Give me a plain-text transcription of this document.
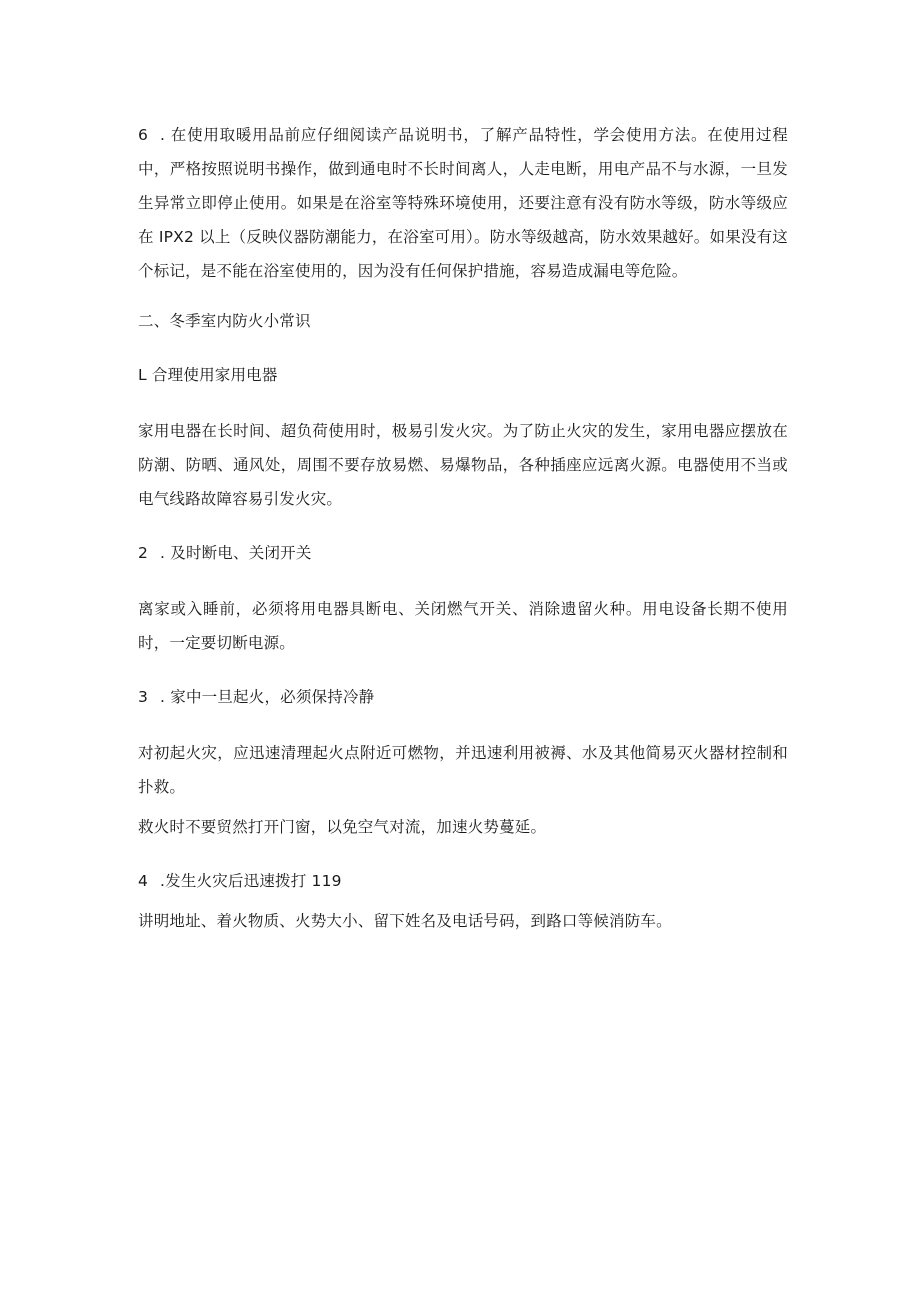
6 . 在使用取暖用品前应仔细阅读产品说明书，了解产品特性，学会使用方法。在使用过程中，严格按照说明书操作，做到通电时不长时间离人，人走电断，用电产品不与水源，一旦发生异常立即停止使用。如果是在浴室等特殊环境使用，还要注意有没有防水等级，防水等级应在 IPX2 以上（反映仪器防潮能力，在浴室可用）。防水等级越高，防水效果越好。如果没有这个标记，是不能在浴室使用的，因为没有任何保护措施，容易造成漏电等危险。

二、冬季室内防火小常识

L 合理使用家用电器

家用电器在长时间、超负荷使用时，极易引发火灾。为了防止火灾的发生，家用电器应摆放在防潮、防晒、通风处，周围不要存放易燃、易爆物品，各种插座应远离火源。电器使用不当或电气线路故障容易引发火灾。

2 . 及时断电、关闭开关

离家或入睡前，必须将用电器具断电、关闭燃气开关、消除遗留火种。用电设备长期不使用时，一定要切断电源。

3 . 家中一旦起火，必须保持冷静

对初起火灾，应迅速清理起火点附近可燃物，并迅速利用被褥、水及其他简易灭火器材控制和扑救。

救火时不要贸然打开门窗，以免空气对流，加速火势蔓延。

4 .发生火灾后迅速拨打 119

讲明地址、着火物质、火势大小、留下姓名及电话号码，到路口等候消防车。
